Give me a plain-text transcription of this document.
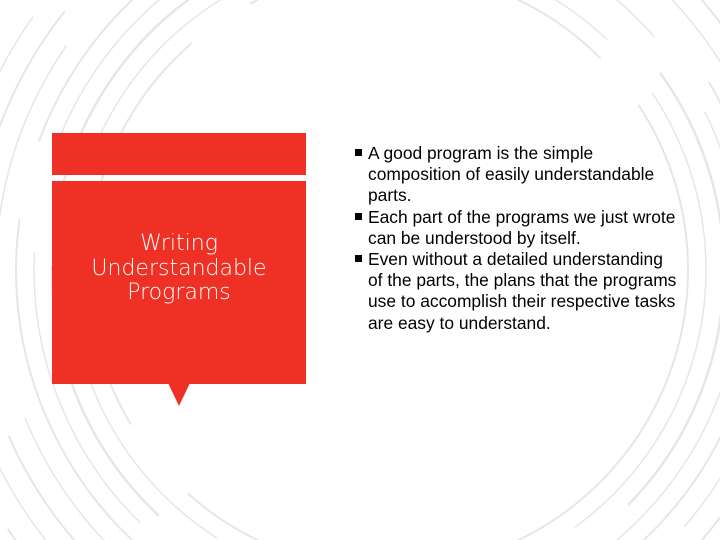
Writing
Understandable
Programs
A good program is the simple composition of easily understandable parts.
Each part of the programs we just wrote can be understood by itself.
Even without a detailed understanding of the parts, the plans that the programs use to accomplish their respective tasks are easy to understand.
